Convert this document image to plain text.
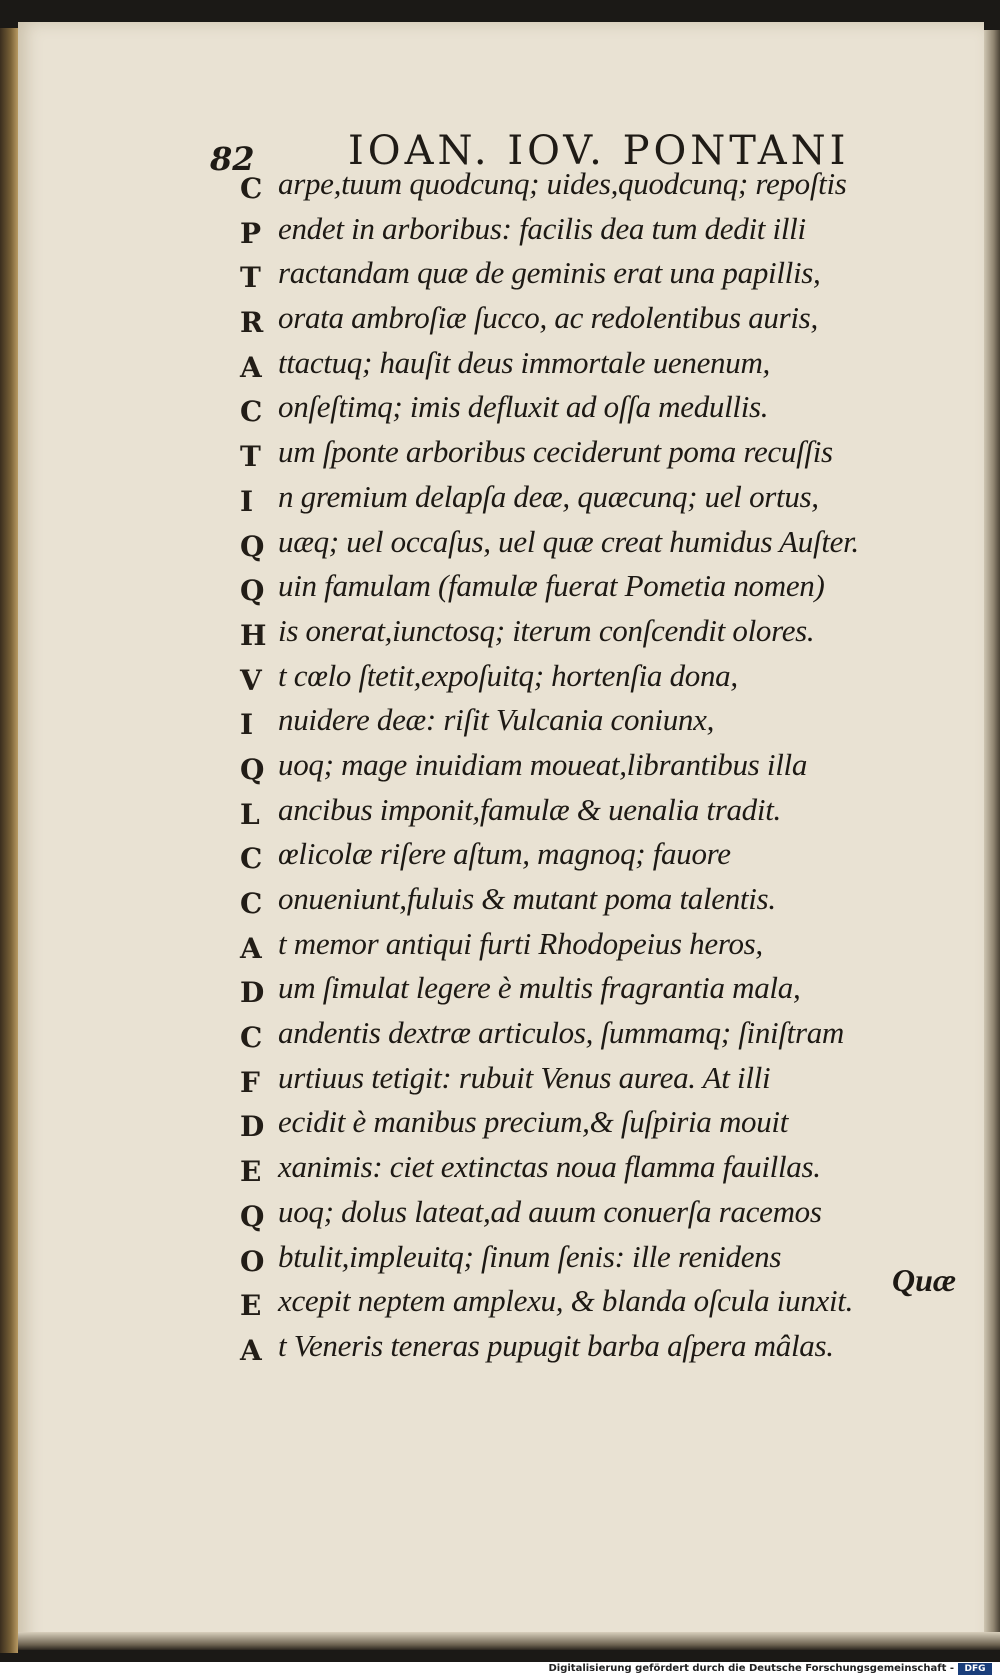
82 IOAN. IOV. PONTANI
C arpe,tuum quodcunq; uides,quodcunq; repoſtis
P endet in arboribus: facilis dea tum dedit illi
T ractandam quæ de geminis erat una papillis,
R orata ambroſiæ ſucco, ac redolentibus auris,
A ttactuq; hauſit deus immortale uenenum,
C onſeſtimq; imis defluxit ad oſſa medullis.
T um ſponte arboribus ceciderunt poma recuſſis
I n gremium delapſa deæ, quæcunq; uel ortus,
Q uæq; uel occaſus, uel quæ creat humidus Auſter.
Q uin famulam (famulæ fuerat Pometia nomen)
H is onerat,iunctosq; iterum conſcendit olores.
V t cœlo ſtetit,expoſuitq; hortenſia dona,
I nuidere deæ: riſit Vulcania coniunx,
Q uoq; mage inuidiam moueat,librantibus illa
L ancibus imponit,famulæ & uenalia tradit.
C œlicolæ riſere aſtum, magnoq; fauore
C onueniunt,fuluis & mutant poma talentis.
A t memor antiqui furti Rhodopeius heros,
D um ſimulat legere è multis fragrantia mala,
C andentis dextræ articulos, ſummamq; ſiniſtram
F urtiuus tetigit: rubuit Venus aurea. At illi
D ecidit è manibus precium,& ſuſpiria mouit
E xanimis: ciet extinctas noua flamma fauillas.
Q uoq; dolus lateat,ad auum conuerſa racemos
O btulit,impleuitq; ſinum ſenis: ille renidens
E xcepit neptem amplexu, & blanda oſcula iunxit.
A t Veneris teneras pupugit barba aſpera mâlas.
Quæ
Digitalisierung gefördert durch die Deutsche Forschungsgemeinschaft -	DFG
